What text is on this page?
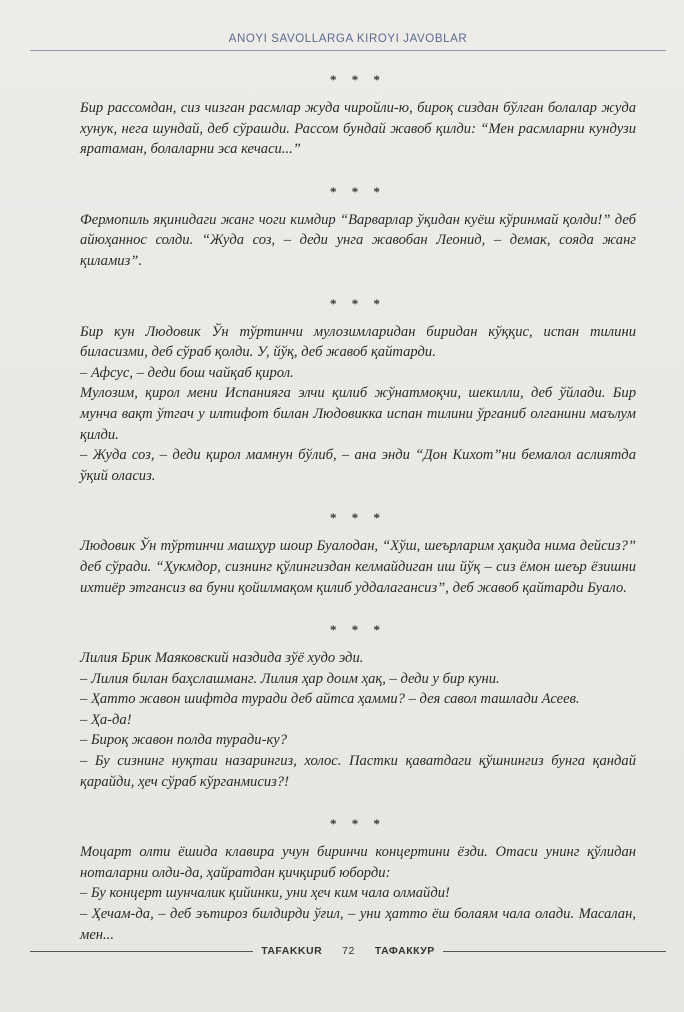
ANOYI SAVOLLARGA KIROYI JAVOBLAR
* * *

Бир рассомдан, сиз чизган расмлар жуда чиройли-ю, бироқ сиздан бўлган болалар жуда хунук, нега шундай, деб сўрашди. Рассом бундай жавоб қилди: “Мен расмларни кундузи яратаман, болаларни эса кечаси...”

* * *

Фермопиль яқинидаги жанг чоги кимдир “Варварлар ўқидан куёш кўринмай қолди!” деб айюҳаннос солди. “Жуда соз, – деди унга жавобан Леонид, – демак, сояда жанг қиламиз”.

* * *

Бир кун Людовик Ўн тўртинчи мулозимларидан биридан кўққис, испан тилини биласизми, деб сўраб қолди. У, йўқ, деб жавоб қайтарди.

– Афсус, – деди бош чайқаб қирол.

Мулозим, қирол мени Испанияга элчи қилиб жўнатмоқчи, шекилли, деб ўйлади. Бир мунча вақт ўтгач у илтифот билан Людовикка испан тилини ўрганиб олганини маълум қилди.

– Жуда соз, – деди қирол мамнун бўлиб, – ана энди “Дон Кихот”ни бемалол аслиятда ўқий оласиз.

* * *

Людовик Ўн тўртинчи машҳур шоир Буалодан, “Хўш, шеърларим ҳақида нима дейсиз?” деб сўради. “Ҳукмдор, сизнинг қўлингиздан келмайдиган иш йўқ – сиз ёмон шеър ёзишни ихтиёр этгансиз ва буни қойилмақом қилиб уддалагансиз”, деб жавоб қайтарди Буало.

* * *

Лилия Брик Маяковский наздида зўё худо эди.

– Лилия билан баҳслашманг. Лилия ҳар доим ҳақ, – деди у бир куни.

– Ҳатто жавон шифтда туради деб айтса ҳамми? – дея савол ташлади Асеев.

– Ҳа-да!

– Бироқ жавон полда туради-ку?

– Бу сизнинг нуқтаи назарингиз, холос. Пастки қаватдаги қўшнингиз бунга қандай қарайди, ҳеч сўраб кўрганмисиз?!

* * *

Моцарт олти ёшида клавира учун биринчи концертини ёзди. Отаси унинг қўлидан ноталарни олди-да, ҳайратдан қичқириб юборди:

– Бу концерт шунчалик қийинки, уни ҳеч ким чала олмайди!

– Ҳечам-да, – деб эътироз билдирди ўғил, – уни ҳатто ёш болаям чала олади. Масалан, мен...

TAFAKKUR	72	ТАФАККУР
